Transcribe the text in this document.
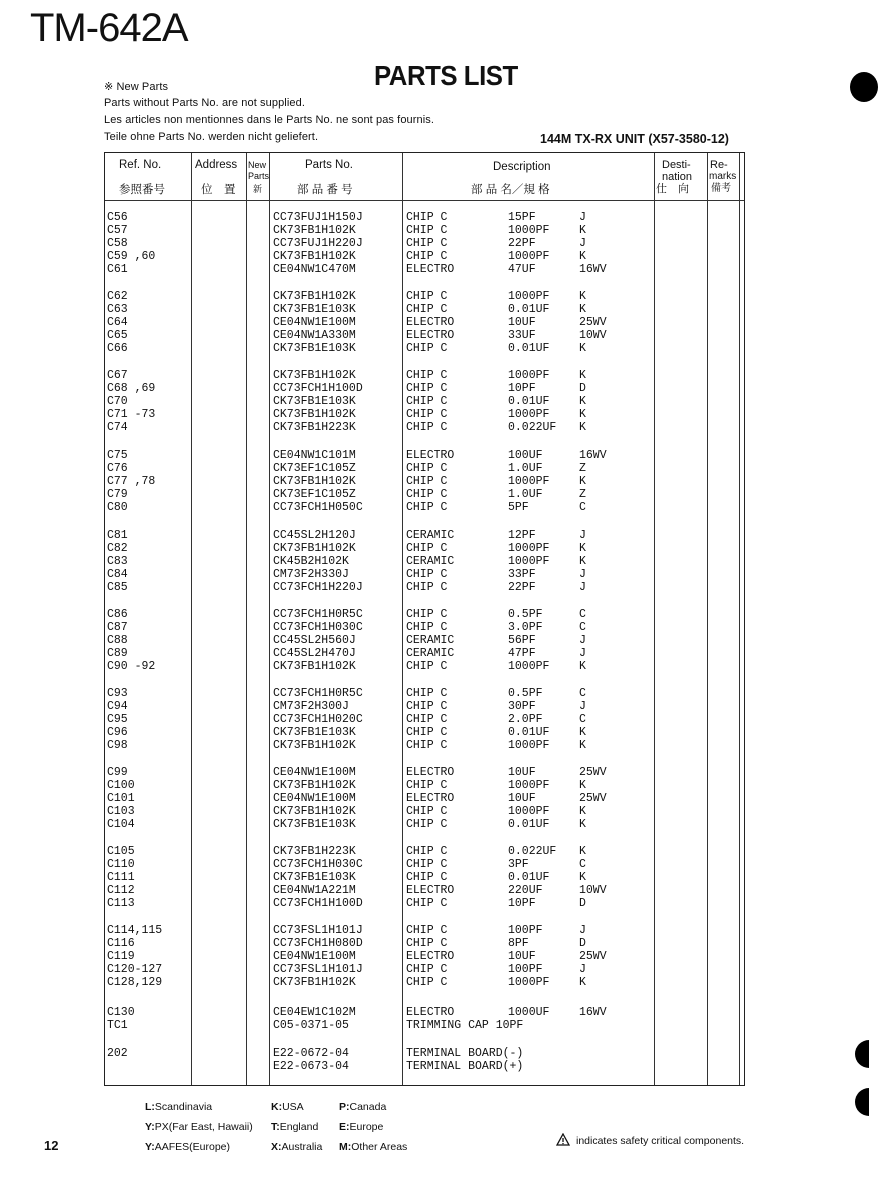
TM-642A
PARTS LIST
※ New Parts
Parts without Parts No. are not supplied.
Les articles non mentionnes dans le Parts No. ne sont pas fournis.
Teile ohne Parts No. werden nicht geliefert.	144M TX-RX UNIT (X57-3580-12)
Ref. No.
参照番号
Address
位　置
New
Parts
新
Parts No.
部 品 番 号
Description
部 品 名／規 格
Desti-
nation
仕　向
Re-
marks
備考
C56	CC73FUJ1H150J	CHIP C	15PF	J
C57	CK73FB1H102K	CHIP C	1000PF	K
C58	CC73FUJ1H220J	CHIP C	22PF	J
C59 ,60	CK73FB1H102K	CHIP C	1000PF	K
C61	CE04NW1C470M	ELECTRO	47UF	16WV
C62	CK73FB1H102K	CHIP C	1000PF	K
C63	CK73FB1E103K	CHIP C	0.01UF	K
C64	CE04NW1E100M	ELECTRO	10UF	25WV
C65	CE04NW1A330M	ELECTRO	33UF	10WV
C66	CK73FB1E103K	CHIP C	0.01UF	K
C67	CK73FB1H102K	CHIP C	1000PF	K
C68 ,69	CC73FCH1H100D	CHIP C	10PF	D
C70	CK73FB1E103K	CHIP C	0.01UF	K
C71 -73	CK73FB1H102K	CHIP C	1000PF	K
C74	CK73FB1H223K	CHIP C	0.022UF K
C75	CE04NW1C101M	ELECTRO	100UF	16WV
C76	CK73EF1C105Z	CHIP C	1.0UF	Z
C77 ,78	CK73FB1H102K	CHIP C	1000PF	K
C79	CK73EF1C105Z	CHIP C	1.0UF	Z
C80	CC73FCH1H050C	CHIP C	5PF	C
C81	CC45SL2H120J	CERAMIC	12PF	J
C82	CK73FB1H102K	CHIP C	1000PF	K
C83	CK45B2H102K	CERAMIC	1000PF	K
C84	CM73F2H330J	CHIP C	33PF	J
C85	CC73FCH1H220J	CHIP C	22PF	J
C86	CC73FCH1H0R5C	CHIP C	0.5PF	C
C87	CC73FCH1H030C	CHIP C	3.0PF	C
C88	CC45SL2H560J	CERAMIC	56PF	J
C89	CC45SL2H470J	CERAMIC	47PF	J
C90 -92	CK73FB1H102K	CHIP C	1000PF	K
C93	CC73FCH1H0R5C	CHIP C	0.5PF	C
C94	CM73F2H300J	CHIP C	30PF	J
C95	CC73FCH1H020C	CHIP C	2.0PF	C
C96	CK73FB1E103K	CHIP C	0.01UF	K
C98	CK73FB1H102K	CHIP C	1000PF	K
C99	CE04NW1E100M	ELECTRO	10UF	25WV
C100	CK73FB1H102K	CHIP C	1000PF	K
C101	CE04NW1E100M	ELECTRO	10UF	25WV
C103	CK73FB1H102K	CHIP C	1000PF	K
C104	CK73FB1E103K	CHIP C	0.01UF	K
C105	CK73FB1H223K	CHIP C	0.022UF K
C110	CC73FCH1H030C	CHIP C	3PF	C
C111	CK73FB1E103K	CHIP C	0.01UF	K
C112	CE04NW1A221M	ELECTRO	220UF	10WV
C113	CC73FCH1H100D	CHIP C	10PF	D
C114,115	CC73FSL1H101J	CHIP C	100PF	J
C116	CC73FCH1H080D	CHIP C	8PF	D
C119	CE04NW1E100M	ELECTRO	10UF	25WV
C120-127	CC73FSL1H101J	CHIP C	100PF	J
C128,129	CK73FB1H102K	CHIP C	1000PF	K
C130	CE04EW1C102M	ELECTRO	1000UF	16WV
TC1	C05-0371-05	TRIMMING CAP 10PF
202	E22-0672-04	TERMINAL BOARD(-)
E22-0673-04	TERMINAL BOARD(+)
L:Scandinavia	K:USA	P:Canada
Y:PX(Far East, Hawaii) T:England E:Europe
Y:AAFES(Europe)	X:Australia M:Other Areas
12	indicates safety critical components.
